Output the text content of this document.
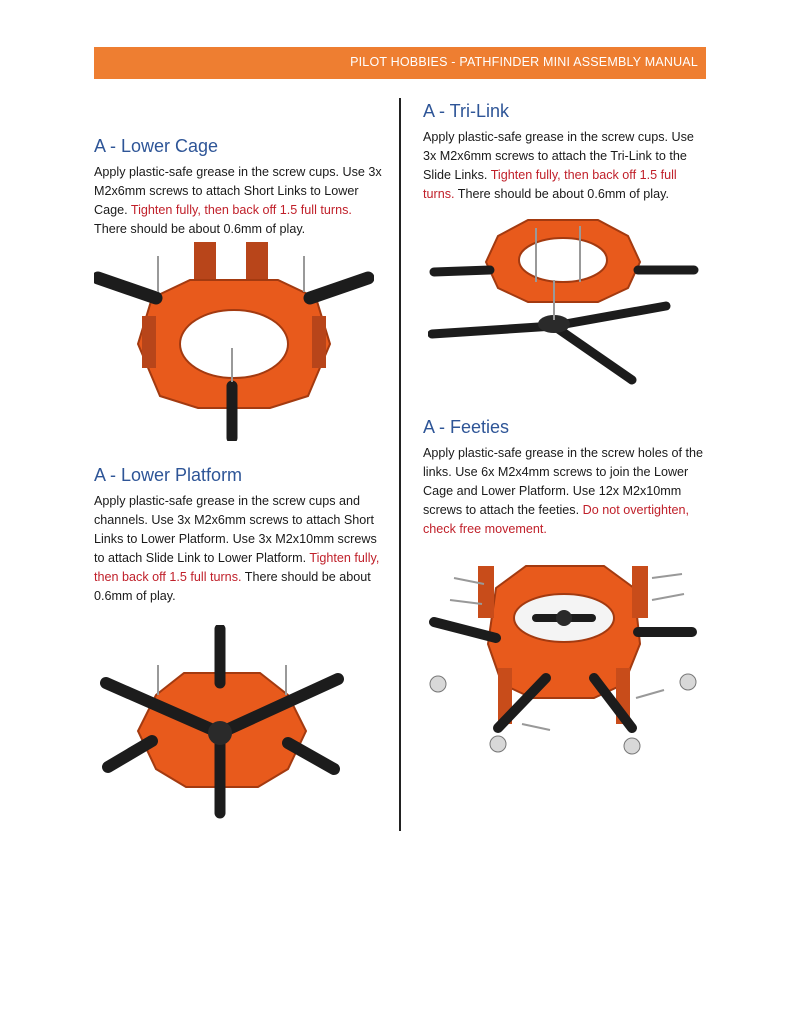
PILOT HOBBIES - PATHFINDER MINI ASSEMBLY MANUAL
A - Lower Cage

Apply plastic-safe grease in the screw cups. Use 3x M2x6mm screws to attach Short Links to Lower Cage. Tighten fully, then back off 1.5 full turns. There should be about 0.6mm of play.

A - Lower Platform

Apply plastic-safe grease in the screw cups and channels. Use 3x M2x6mm screws to attach Short Links to Lower Platform. Use 3x M2x10mm screws to attach Slide Link to Lower Platform. Tighten fully, then back off 1.5 full turns. There should be about 0.6mm of play.

A - Tri-Link

Apply plastic-safe grease in the screw cups. Use 3x M2x6mm screws to attach the Tri-Link to the Slide Links. Tighten fully, then back off 1.5 full turns. There should be about 0.6mm of play.

A - Feeties

Apply plastic-safe grease in the screw holes of the links. Use 6x M2x4mm screws to join the Lower Cage and Lower Platform. Use 12x M2x10mm screws to attach the feeties. Do not overtighten, check free movement.
